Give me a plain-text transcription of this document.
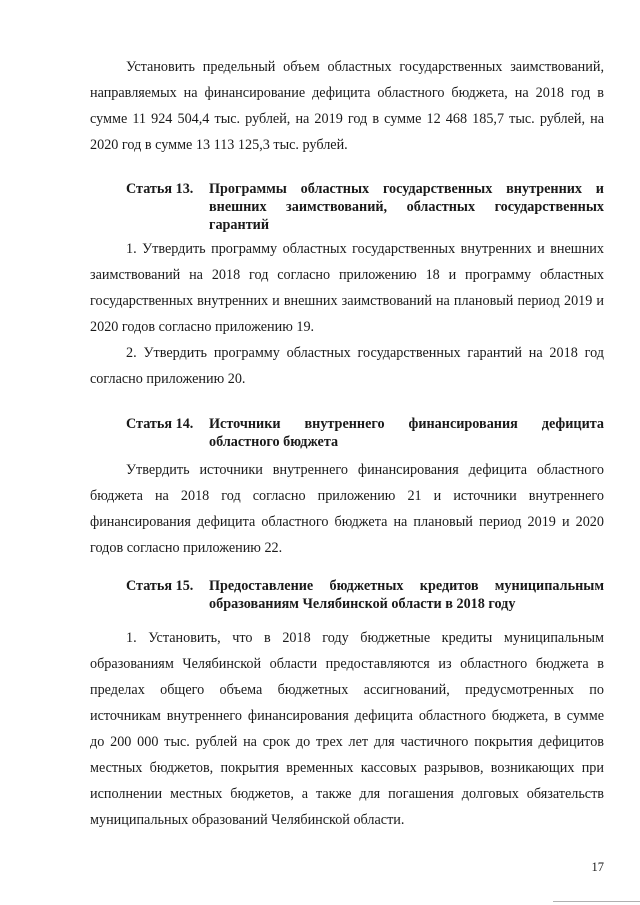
Установить предельный объем областных государственных заимствований, направляемых на финансирование дефицита областного бюджета, на 2018 год в сумме 11 924 504,4 тыс. рублей, на 2019 год в сумме 12 468 185,7 тыс. рублей, на 2020 год в сумме 13 113 125,3 тыс. рублей.

Статья 13. Программы областных государственных внутренних и внешних заимствований, областных государственных гарантий

1. Утвердить программу областных государственных внутренних и внешних заимствований на 2018 год согласно приложению 18 и программу областных государственных внутренних и внешних заимствований на плановый период 2019 и 2020 годов согласно приложению 19.

2. Утвердить программу областных государственных гарантий на 2018 год согласно приложению 20.

Статья 14. Источники внутреннего финансирования дефицита областного бюджета

Утвердить источники внутреннего финансирования дефицита областного бюджета на 2018 год согласно приложению 21 и источники внутреннего финансирования дефицита областного бюджета на плановый период 2019 и 2020 годов согласно приложению 22.

Статья 15. Предоставление бюджетных кредитов муниципальным образованиям Челябинской области в 2018 году

1. Установить, что в 2018 году бюджетные кредиты муниципальным образованиям Челябинской области предоставляются из областного бюджета в пределах общего объема бюджетных ассигнований, предусмотренных по источникам внутреннего финансирования дефицита областного бюджета, в сумме до 200 000 тыс. рублей на срок до трех лет для частичного покрытия дефицитов местных бюджетов, покрытия временных кассовых разрывов, возникающих при исполнении местных бюджетов, а также для погашения долговых обязательств муниципальных образований Челябинской области.

17
